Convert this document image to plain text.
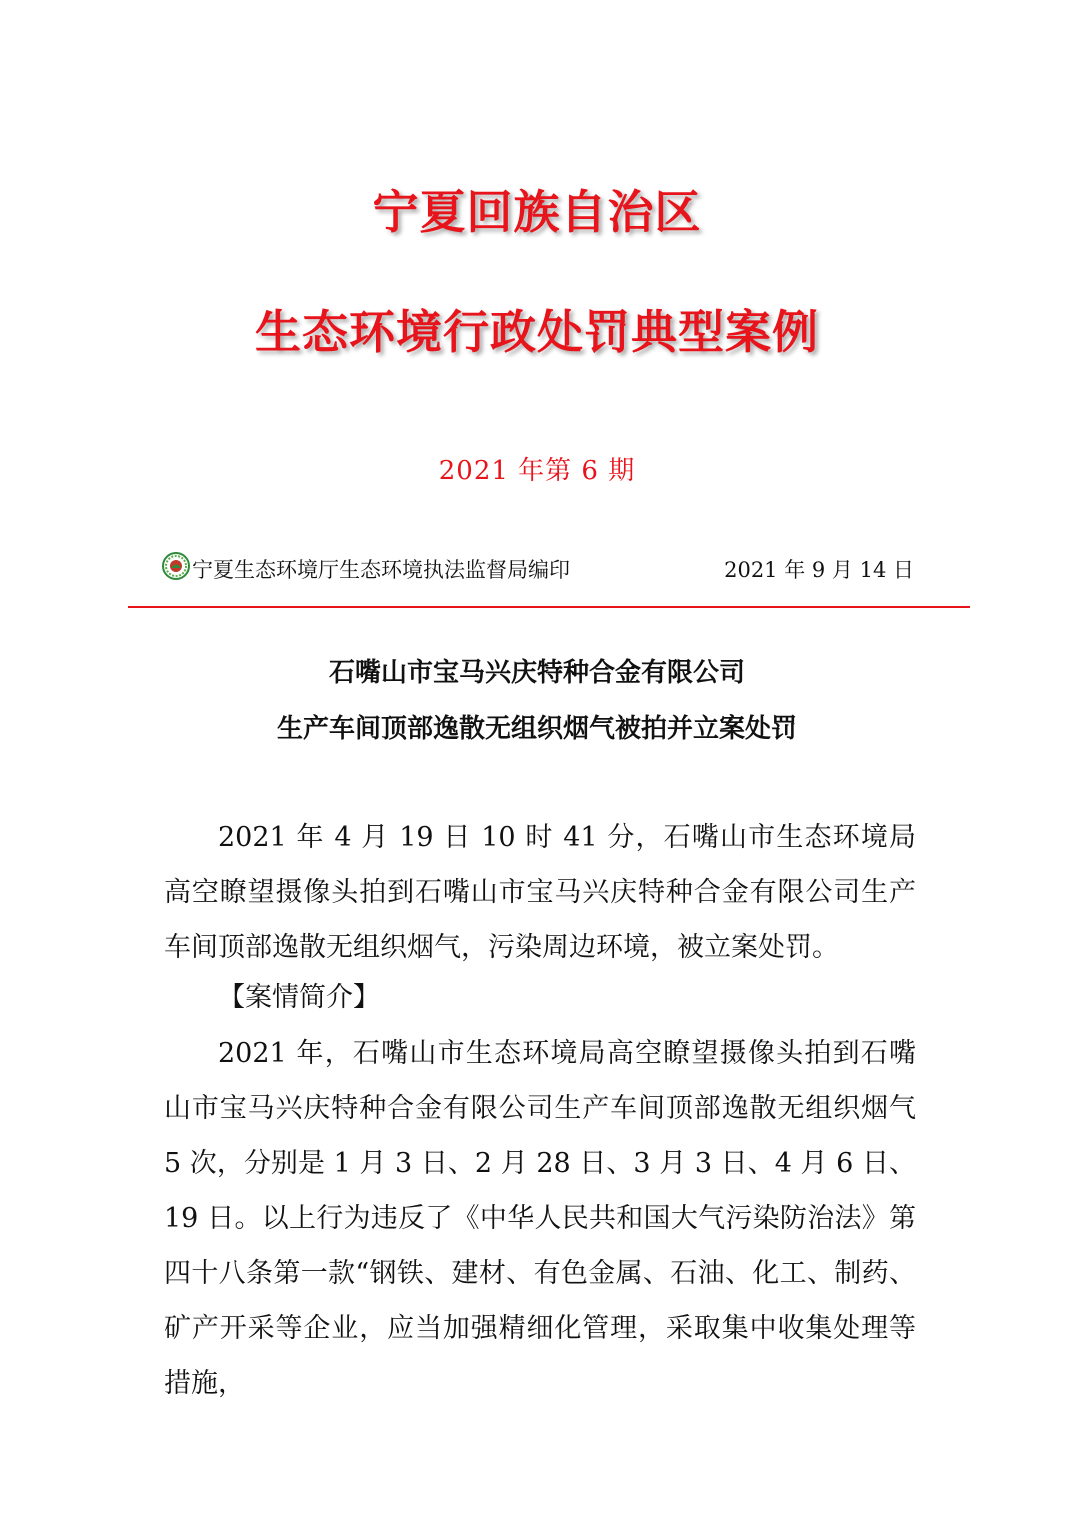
宁夏回族自治区
生态环境行政处罚典型案例
2021 年第 6 期
宁夏生态环境厅生态环境执法监督局编印	2021 年 9 月 14 日
石嘴山市宝马兴庆特种合金有限公司
生产车间顶部逸散无组织烟气被拍并立案处罚

2021 年 4 月 19 日 10 时 41 分，石嘴山市生态环境局高空瞭望摄像头拍到石嘴山市宝马兴庆特种合金有限公司生产车间顶部逸散无组织烟气，污染周边环境，被立案处罚。

【案情简介】

2021 年，石嘴山市生态环境局高空瞭望摄像头拍到石嘴山市宝马兴庆特种合金有限公司生产车间顶部逸散无组织烟气 5 次，分别是 1 月 3 日、2 月 28 日、3 月 3 日、4 月 6 日、19 日。以上行为违反了《中华人民共和国大气污染防治法》第四十八条第一款“钢铁、建材、有色金属、石油、化工、制药、矿产开采等企业，应当加强精细化管理，采取集中收集处理等措施，
